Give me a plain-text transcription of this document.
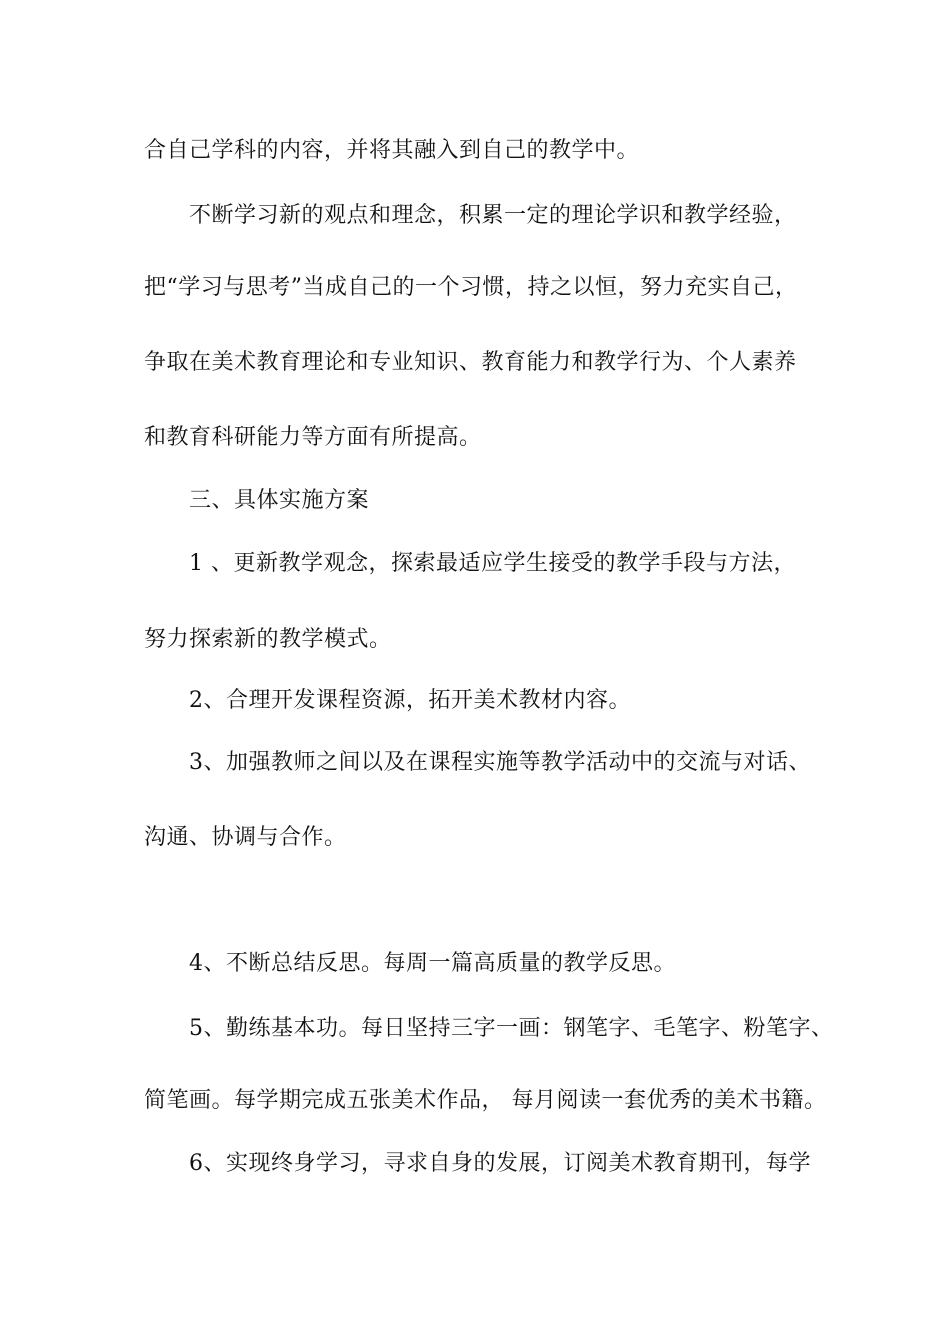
合自己学科的内容，并将其融入到自己的教学中。
不断学习新的观点和理念，积累一定的理论学识和教学经验，
把“学习与思考”当成自己的一个习惯，持之以恒，努力充实自己，
争取在美术教育理论和专业知识、教育能力和教学行为、个人素养
和教育科研能力等方面有所提高。
三、具体实施方案
1 、更新教学观念，探索最适应学生接受的教学手段与方法，
努力探索新的教学模式。
2、合理开发课程资源，拓开美术教材内容。
3、加强教师之间以及在课程实施等教学活动中的交流与对话、
沟通、协调与合作。
4、不断总结反思。每周一篇高质量的教学反思。
5、勤练基本功。每日坚持三字一画：钢笔字、毛笔字、粉笔字、
简笔画。每学期完成五张美术作品， 每月阅读一套优秀的美术书籍。
6、实现终身学习，寻求自身的发展，订阅美术教育期刊，每学
